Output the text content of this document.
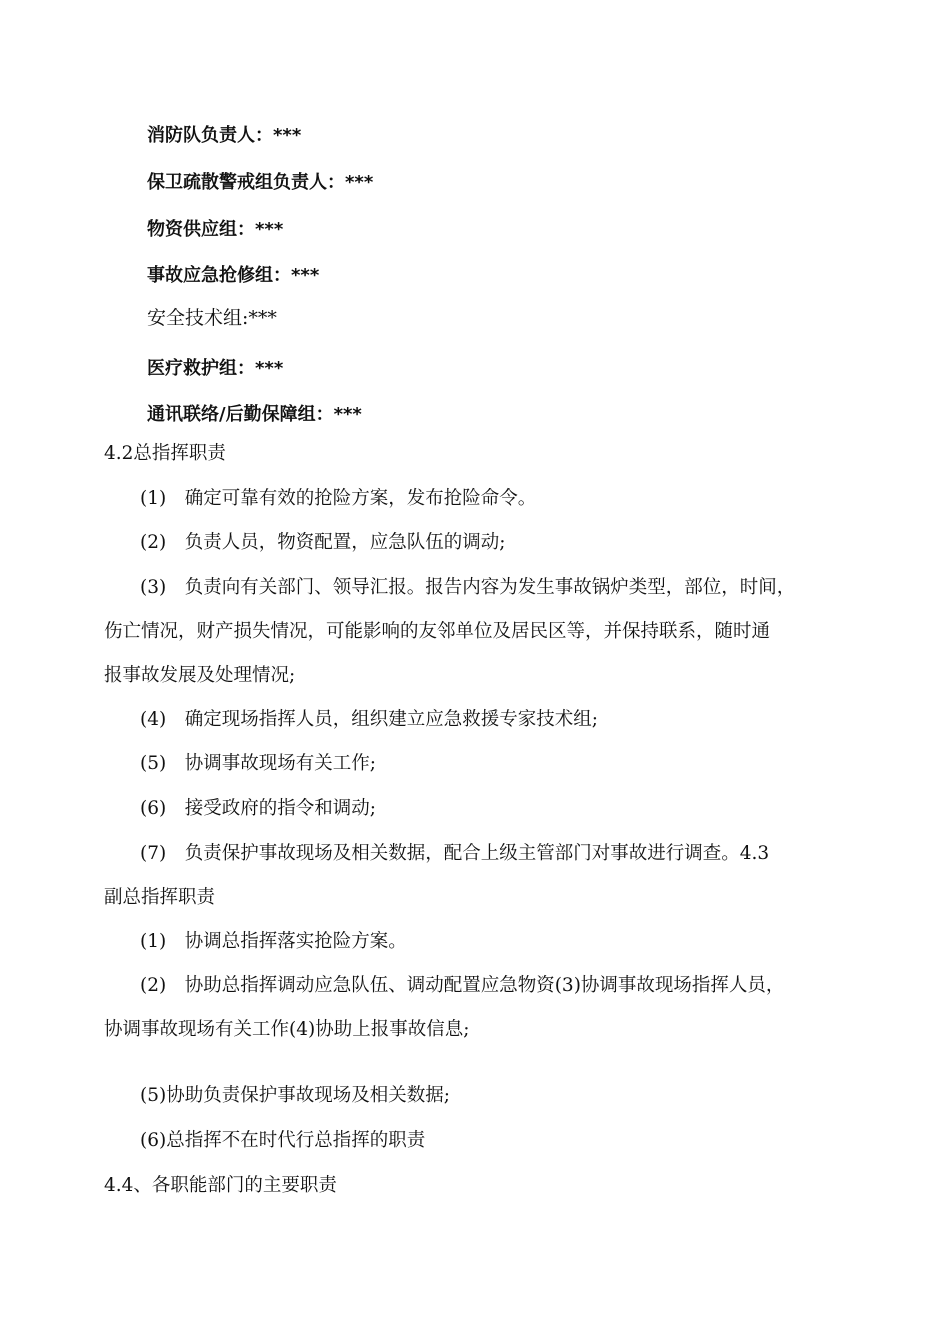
消防队负责人：***
保卫疏散警戒组负责人：***
物资供应组：***
事故应急抢修组：***
安全技术组:***
医疗救护组：***
通讯联络/后勤保障组：***
4.2总指挥职责
(1)　确定可靠有效的抢险方案，发布抢险命令。
(2)　负责人员，物资配置，应急队伍的调动;
(3)　负责向有关部门、领导汇报。报告内容为发生事故锅炉类型，部位，时间，
伤亡情况，财产损失情况，可能影响的友邻单位及居民区等，并保持联系，随时通
报事故发展及处理情况;
(4)　确定现场指挥人员，组织建立应急救援专家技术组;
(5)　协调事故现场有关工作;
(6)　接受政府的指令和调动;
(7)　负责保护事故现场及相关数据，配合上级主管部门对事故进行调查。4.3
副总指挥职责
(1)　协调总指挥落实抢险方案。
(2)　协助总指挥调动应急队伍、调动配置应急物资(3)协调事故现场指挥人员，
协调事故现场有关工作(4)协助上报事故信息;
(5)协助负责保护事故现场及相关数据;
(6)总指挥不在时代行总指挥的职责
4.4、各职能部门的主要职责
